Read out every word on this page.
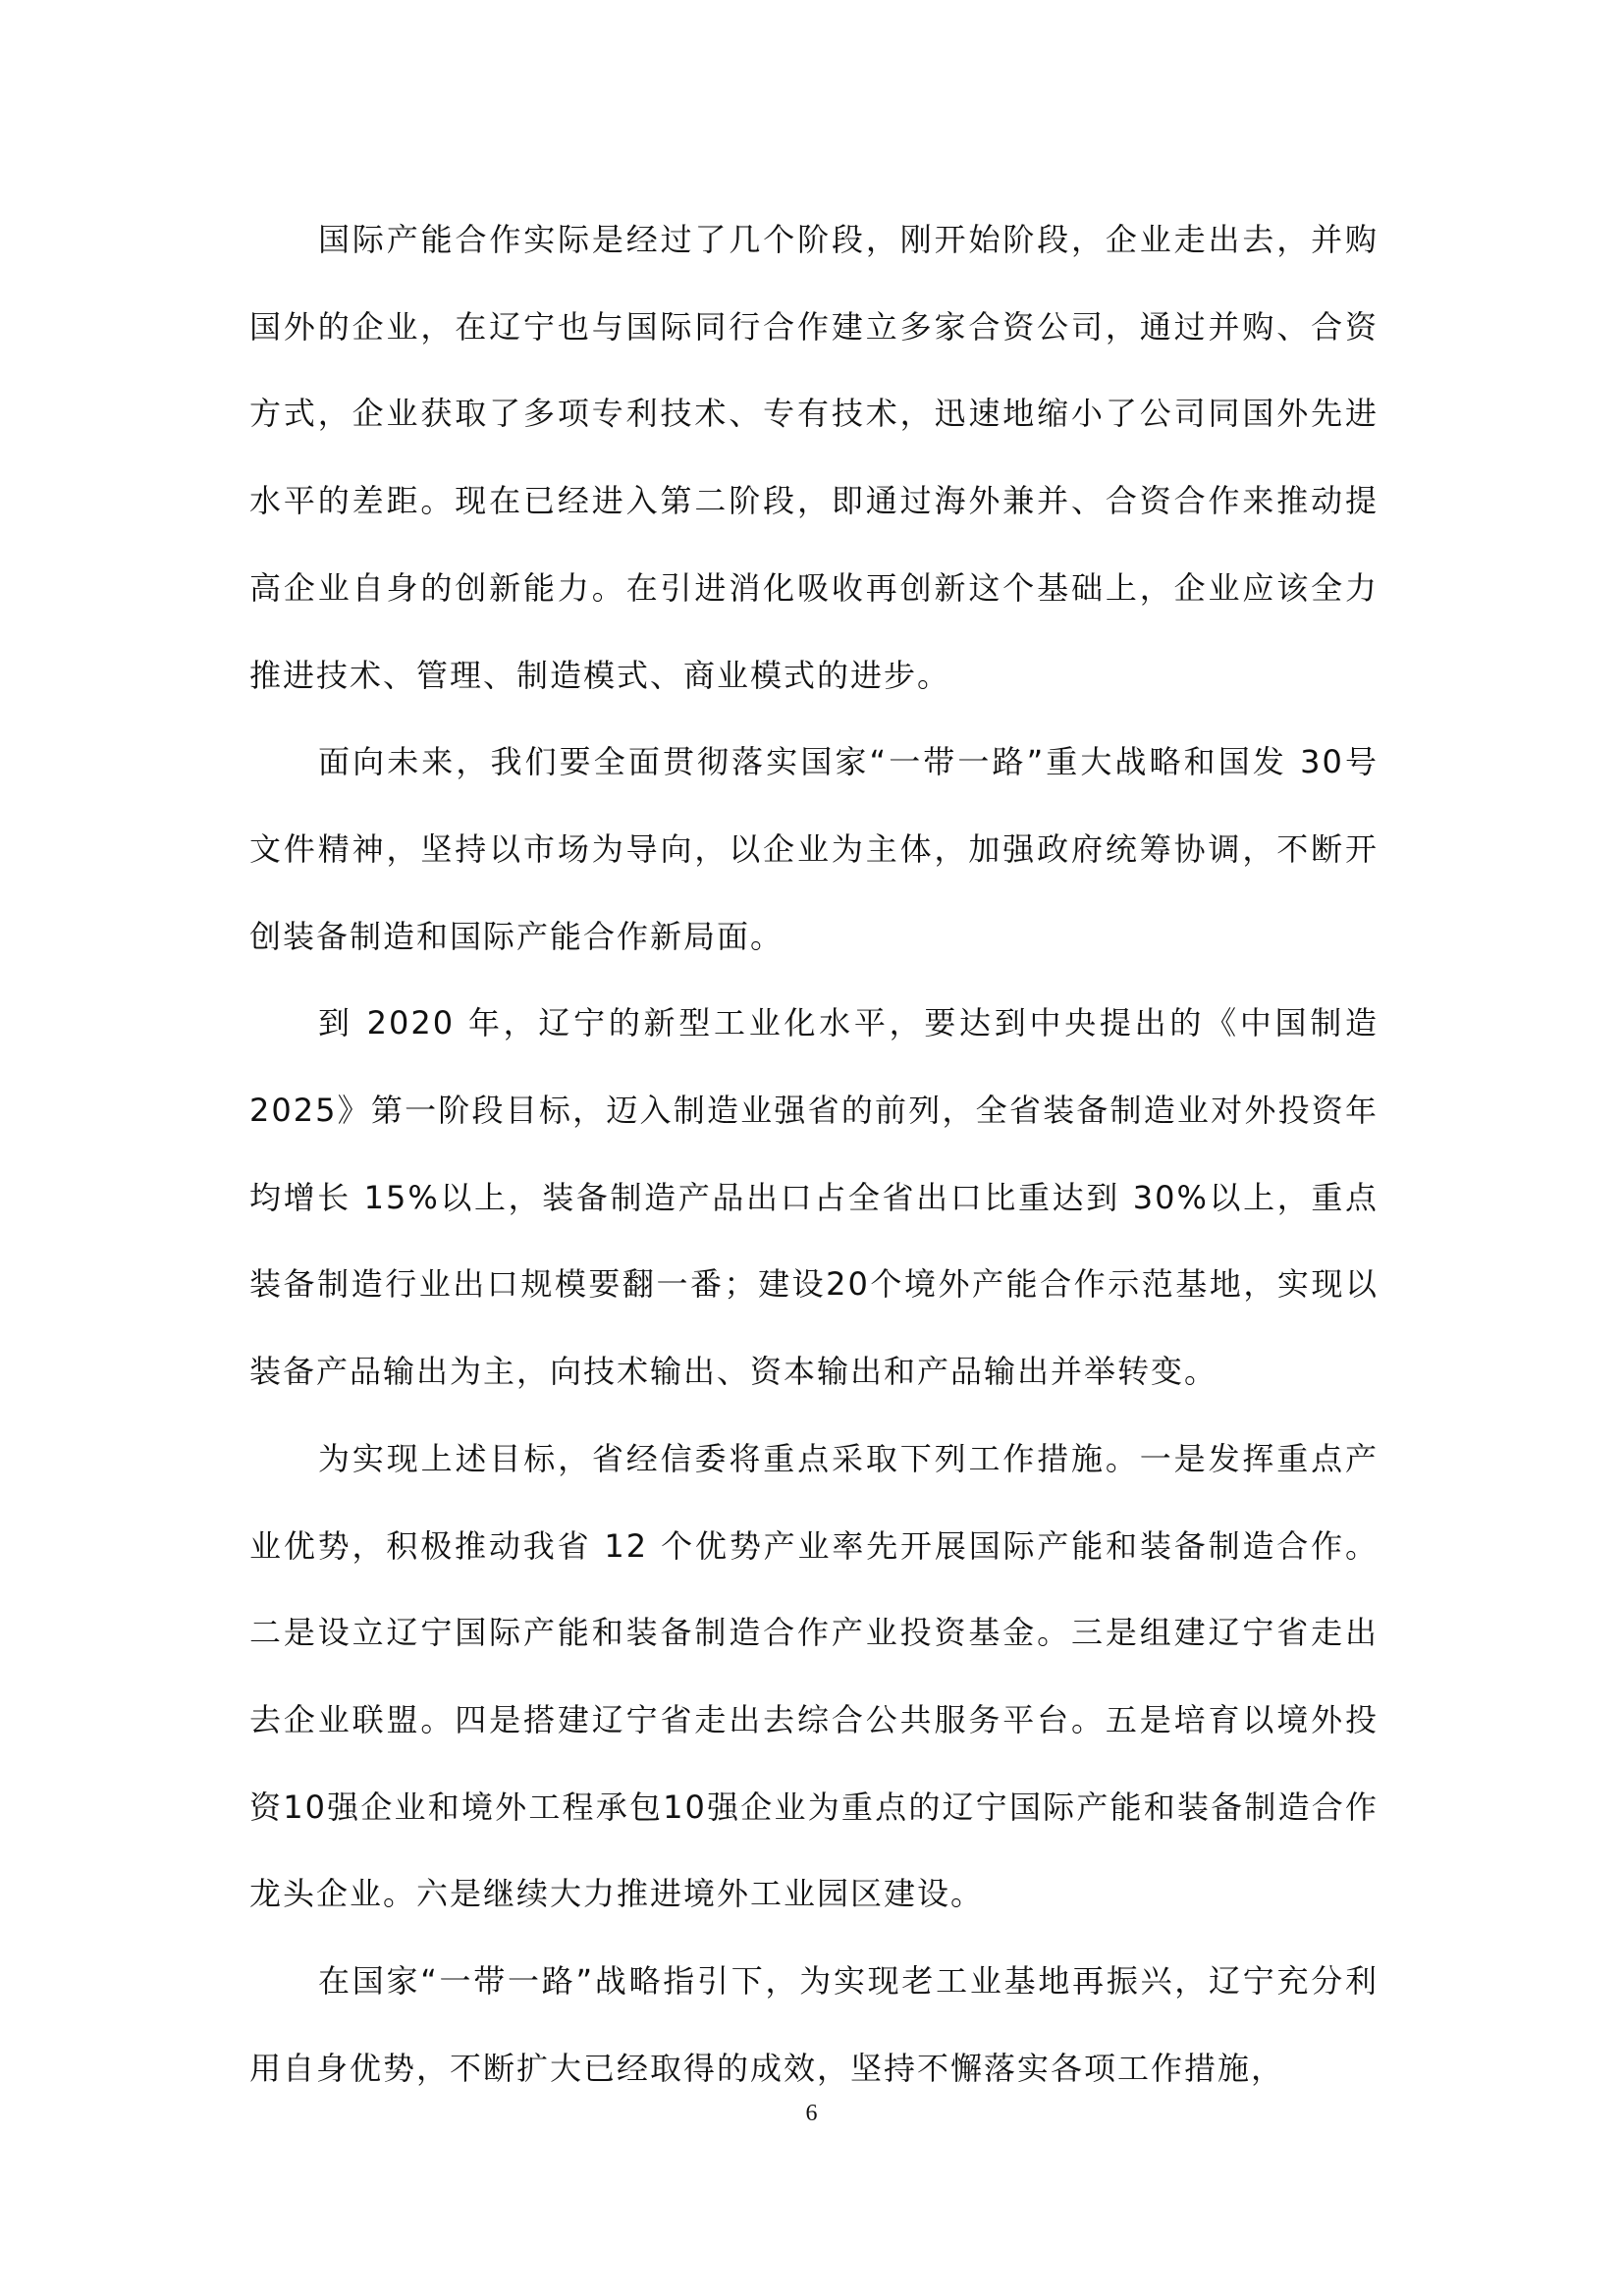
国际产能合作实际是经过了几个阶段，刚开始阶段，企业走出去，并购国外的企业，在辽宁也与国际同行合作建立多家合资公司，通过并购、合资方式，企业获取了多项专利技术、专有技术，迅速地缩小了公司同国外先进水平的差距。现在已经进入第二阶段，即通过海外兼并、合资合作来推动提高企业自身的创新能力。在引进消化吸收再创新这个基础上，企业应该全力推进技术、管理、制造模式、商业模式的进步。

面向未来，我们要全面贯彻落实国家“一带一路”重大战略和国发 30号文件精神，坚持以市场为导向，以企业为主体，加强政府统筹协调，不断开创装备制造和国际产能合作新局面。

到 2020 年，辽宁的新型工业化水平，要达到中央提出的《中国制造2025》第一阶段目标，迈入制造业强省的前列，全省装备制造业对外投资年均增长 15%以上，装备制造产品出口占全省出口比重达到 30%以上，重点装备制造行业出口规模要翻一番；建设20个境外产能合作示范基地，实现以装备产品输出为主，向技术输出、资本输出和产品输出并举转变。

为实现上述目标，省经信委将重点采取下列工作措施。一是发挥重点产业优势，积极推动我省 12 个优势产业率先开展国际产能和装备制造合作。二是设立辽宁国际产能和装备制造合作产业投资基金。三是组建辽宁省走出去企业联盟。四是搭建辽宁省走出去综合公共服务平台。五是培育以境外投资10强企业和境外工程承包10强企业为重点的辽宁国际产能和装备制造合作龙头企业。六是继续大力推进境外工业园区建设。

在国家“一带一路”战略指引下，为实现老工业基地再振兴，辽宁充分利用自身优势，不断扩大已经取得的成效，坚持不懈落实各项工作措施，

6
